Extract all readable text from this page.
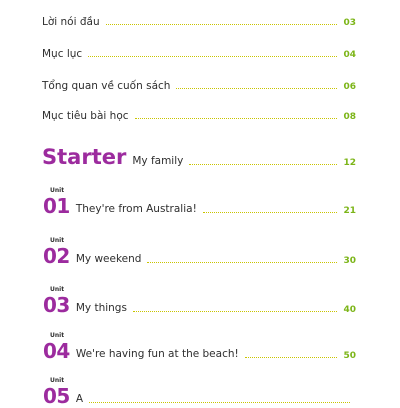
Lời nói đầu	03
Mục lục	04
Tổng quan về cuốn sách	06
Mục tiêu bài học	08
Starter My family	12
Unit
01 They're from Australia!	21
Unit
02 My weekend	30
Unit
03 My things	40
Unit
04 We're having fun at the beach!	50
Unit
05 A
